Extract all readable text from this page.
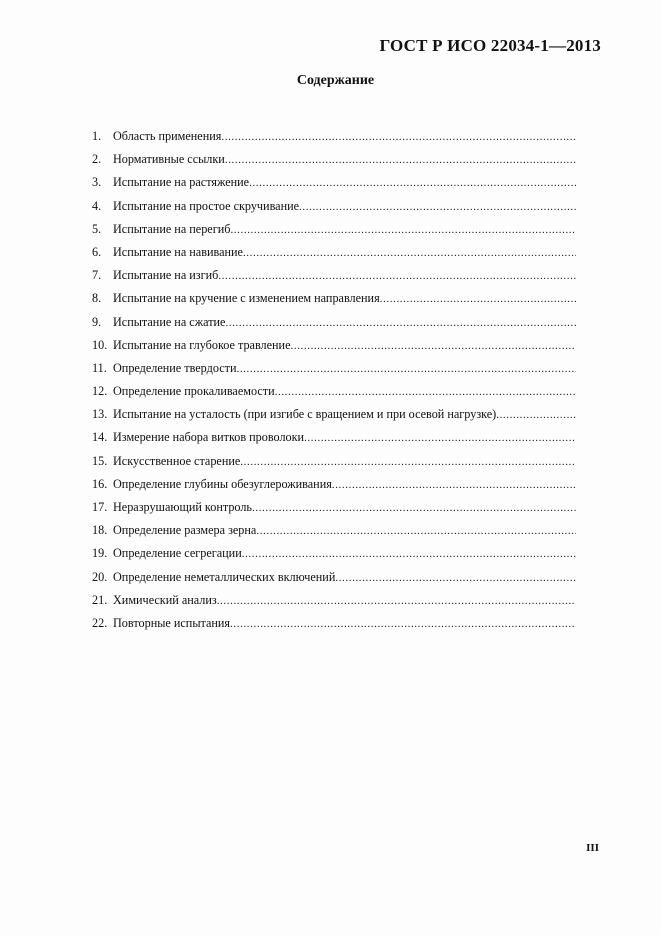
ГОСТ Р ИСО 22034-1—2013
Содержание
1. Область применения
.....
2. Нормативные ссылки
.....
3. Испытание на растяжение
.....
4. Испытание на простое скручивание
.....
5. Испытание на перегиб
.....
6. Испытание на навивание
.....
7. Испытание на изгиб
.....
8. Испытание на кручение с изменением направления
.....
9. Испытание на сжатие
.....
10. Испытание на глубокое травление
.....
11. Определение твердости
.....
12. Определение прокаливаемости
.....
13. Испытание на усталость (при изгибе с вращением и при осевой нагрузке)
.....
14. Измерение набора витков проволоки
.....
15. Искусственное старение
.....
16. Определение глубины обезуглероживания
.....
17. Неразрушающий контроль
.....
18. Определение размера зерна
.....
19. Определение сегрегации
.....
20. Определение неметаллических включений
.....
21. Химический анализ
.....
22. Повторные испытания
.....
III
